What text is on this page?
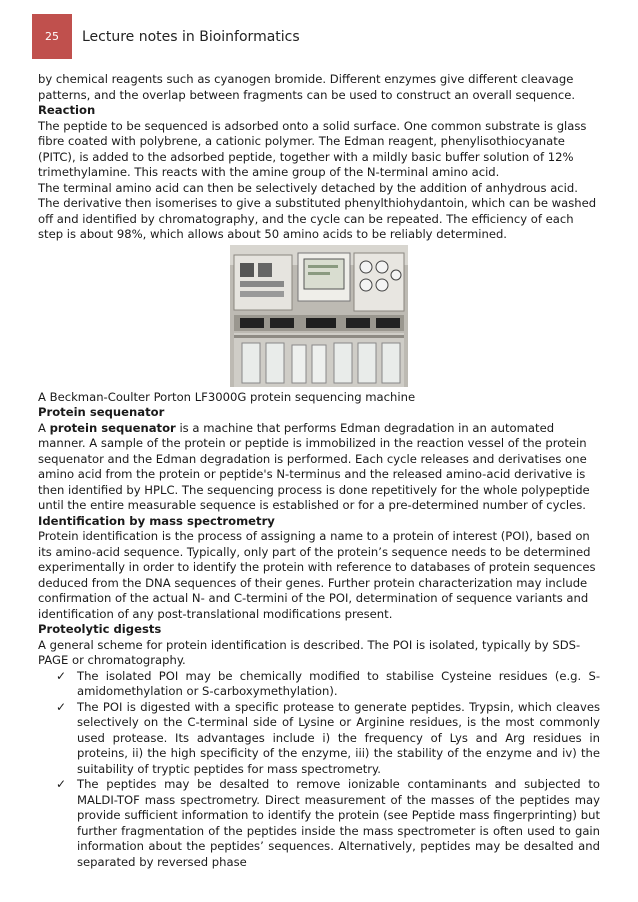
25 Lecture notes in Bioinformatics

by chemical reagents such as cyanogen bromide. Different enzymes give different cleavage patterns, and the overlap between fragments can be used to construct an overall sequence.

Reaction

The peptide to be sequenced is adsorbed onto a solid surface. One common substrate is glass fibre coated with polybrene, a cationic polymer. The Edman reagent, phenylisothiocyanate (PITC), is added to the adsorbed peptide, together with a mildly basic buffer solution of 12% trimethylamine. This reacts with the amine group of the N-terminal amino acid.

The terminal amino acid can then be selectively detached by the addition of anhydrous acid. The derivative then isomerises to give a substituted phenylthiohydantoin, which can be washed off and identified by chromatography, and the cycle can be repeated. The efficiency of each step is about 98%, which allows about 50 amino acids to be reliably determined.

A Beckman-Coulter Porton LF3000G protein sequencing machine

Protein sequenator

A protein sequenator is a machine that performs Edman degradation in an automated manner. A sample of the protein or peptide is immobilized in the reaction vessel of the protein sequenator and the Edman degradation is performed. Each cycle releases and derivatises one amino acid from the protein or peptide's N-terminus and the released amino-acid derivative is then identified by HPLC. The sequencing process is done repetitively for the whole polypeptide until the entire measurable sequence is established or for a pre-determined number of cycles.

Identification by mass spectrometry

Protein identification is the process of assigning a name to a protein of interest (POI), based on its amino-acid sequence. Typically, only part of the protein’s sequence needs to be determined experimentally in order to identify the protein with reference to databases of protein sequences deduced from the DNA sequences of their genes. Further protein characterization may include confirmation of the actual N- and C-termini of the POI, determination of sequence variants and identification of any post-translational modifications present.

Proteolytic digests

A general scheme for protein identification is described. The POI is isolated, typically by SDS-PAGE or chromatography.

✓ The isolated POI may be chemically modified to stabilise Cysteine residues (e.g. S-amidomethylation or S-carboxymethylation).
✓ The POI is digested with a specific protease to generate peptides. Trypsin, which cleaves selectively on the C-terminal side of Lysine or Arginine residues, is the most commonly used protease. Its advantages include i) the frequency of Lys and Arg residues in proteins, ii) the high specificity of the enzyme, iii) the stability of the enzyme and iv) the suitability of tryptic peptides for mass spectrometry.
✓ The peptides may be desalted to remove ionizable contaminants and subjected to MALDI-TOF mass spectrometry. Direct measurement of the masses of the peptides may provide sufficient information to identify the protein (see Peptide mass fingerprinting) but further fragmentation of the peptides inside the mass spectrometer is often used to gain information about the peptides’ sequences. Alternatively, peptides may be desalted and separated by reversed phase
